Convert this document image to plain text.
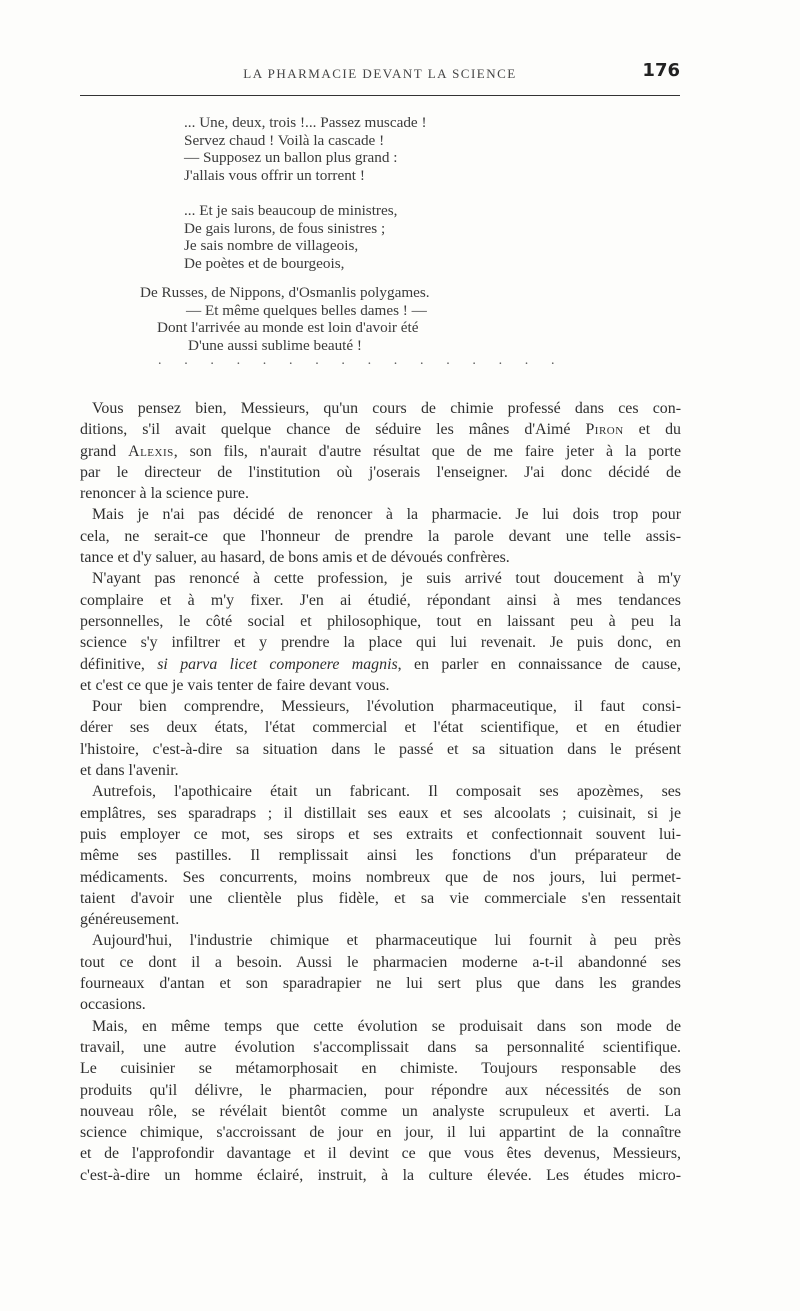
LA PHARMACIE DEVANT LA SCIENCE	176
... Une, deux, trois !... Passez muscade !
Servez chaud ! Voilà la cascade !
— Supposez un ballon plus grand :
J'allais vous offrir un torrent !
... Et je sais beaucoup de ministres,
De gais lurons, de fous sinistres ;
Je sais nombre de villageois,
De poètes et de bourgeois,
De Russes, de Nippons, d'Osmanlis polygames.
— Et même quelques belles dames ! —
Dont l'arrivée au monde est loin d'avoir été
D'une aussi sublime beauté !
. . . . . . . . . . . . . . . .
Vous pensez bien, Messieurs, qu'un cours de chimie professé dans ces con-
ditions, s'il avait quelque chance de séduire les mânes d'Aimé Piron et du
grand Alexis, son fils, n'aurait d'autre résultat que de me faire jeter à la porte
par le directeur de l'institution où j'oserais l'enseigner. J'ai donc décidé de
renoncer à la science pure.
Mais je n'ai pas décidé de renoncer à la pharmacie. Je lui dois trop pour
cela, ne serait-ce que l'honneur de prendre la parole devant une telle assis-
tance et d'y saluer, au hasard, de bons amis et de dévoués confrères.
N'ayant pas renoncé à cette profession, je suis arrivé tout doucement à m'y
complaire et à m'y fixer. J'en ai étudié, répondant ainsi à mes tendances
personnelles, le côté social et philosophique, tout en laissant peu à peu la
science s'y infiltrer et y prendre la place qui lui revenait. Je puis donc, en
définitive, si parva licet componere magnis, en parler en connaissance de cause,
et c'est ce que je vais tenter de faire devant vous.
Pour bien comprendre, Messieurs, l'évolution pharmaceutique, il faut consi-
dérer ses deux états, l'état commercial et l'état scientifique, et en étudier
l'histoire, c'est-à-dire sa situation dans le passé et sa situation dans le présent
et dans l'avenir.
Autrefois, l'apothicaire était un fabricant. Il composait ses apozèmes, ses
emplâtres, ses sparadraps ; il distillait ses eaux et ses alcoolats ; cuisinait, si je
puis employer ce mot, ses sirops et ses extraits et confectionnait souvent lui-
même ses pastilles. Il remplissait ainsi les fonctions d'un préparateur de
médicaments. Ses concurrents, moins nombreux que de nos jours, lui permet-
taient d'avoir une clientèle plus fidèle, et sa vie commerciale s'en ressentait
généreusement.
Aujourd'hui, l'industrie chimique et pharmaceutique lui fournit à peu près
tout ce dont il a besoin. Aussi le pharmacien moderne a-t-il abandonné ses
fourneaux d'antan et son sparadrapier ne lui sert plus que dans les grandes
occasions.
Mais, en même temps que cette évolution se produisait dans son mode de
travail, une autre évolution s'accomplissait dans sa personnalité scientifique.
Le cuisinier se métamorphosait en chimiste. Toujours responsable des
produits qu'il délivre, le pharmacien, pour répondre aux nécessités de son
nouveau rôle, se révélait bientôt comme un analyste scrupuleux et averti. La
science chimique, s'accroissant de jour en jour, il lui appartint de la connaître
et de l'approfondir davantage et il devint ce que vous êtes devenus, Messieurs,
c'est-à-dire un homme éclairé, instruit, à la culture élevée. Les études micro-
